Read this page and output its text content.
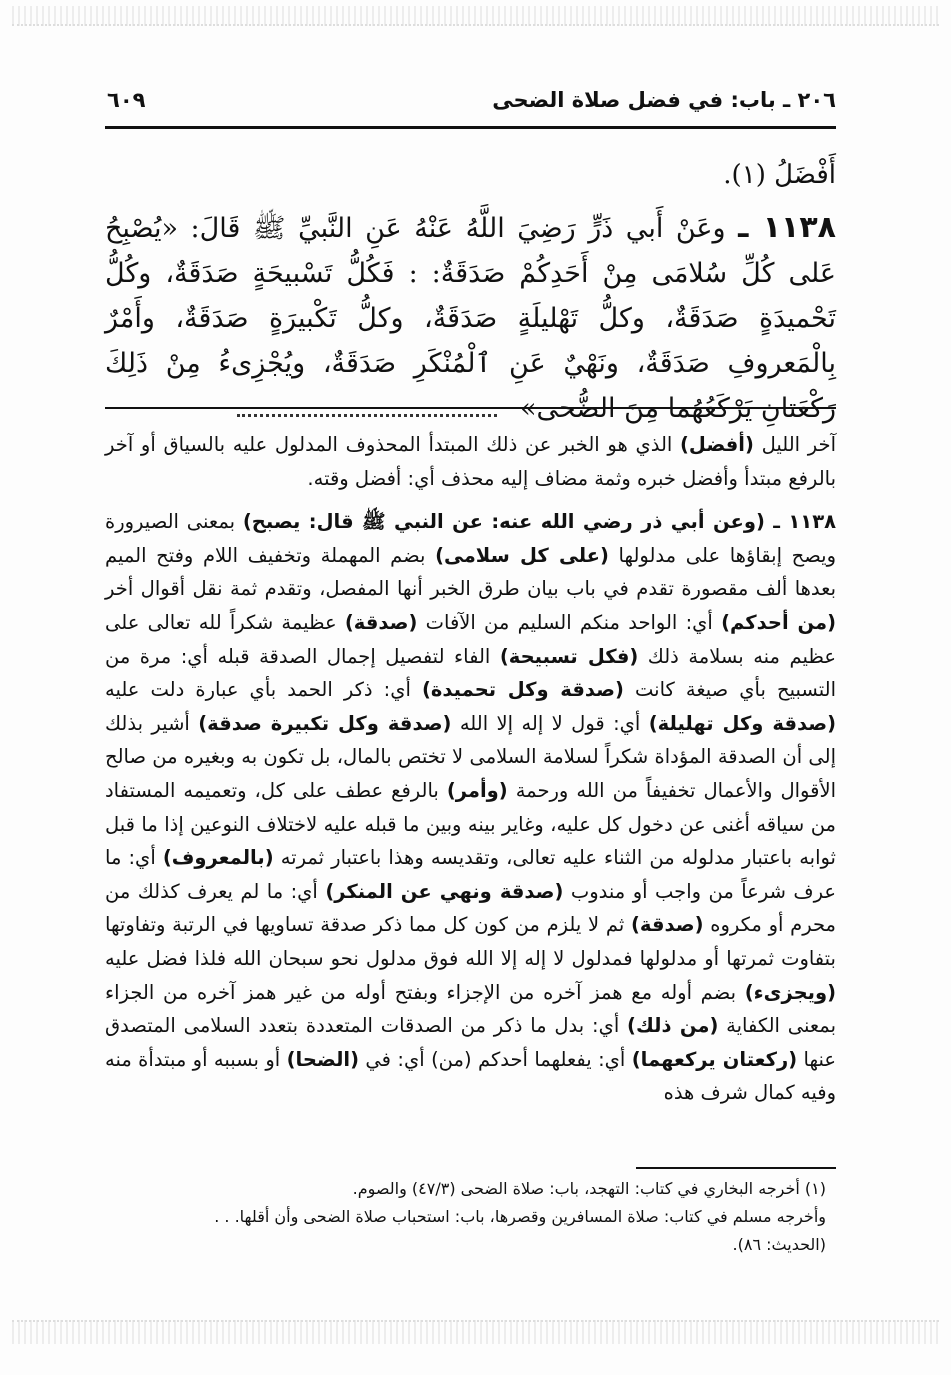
٢٠٦ ـ باب: في فضل صلاة الضحى
٦٠٩
أَفْضَلُ (١).
١١٣٨ ـ وعَنْ أَبي ذَرٍّ رَضِيَ اللَّهُ عَنْهُ عَنِ النَّبيِّ ﷺ قَالَ: «يُصْبِحُ عَلى كُلِّ سُلامَى مِنْ أَحَدِكُمْ صَدَقَةٌ: : فَكُلُّ تَسْبيحَةٍ صَدَقَةٌ، وكُلُّ تَحْميدَةٍ صَدَقَةٌ، وكلُّ تَهْليلَةٍ صَدَقَةٌ، وكلُّ تَكْبيرَةٍ صَدَقَةٌ، وأَمْرٌ بِالْمَعروفِ صَدَقَةٌ، ونَهْيٌ عَنِ ٱلْمُنْكَرِ صَدَقَةٌ، ويُجْزِىءُ مِنْ ذَلِكَ رَكْعَتانِ يَرْكَعُهُما مِنَ الضُّحى»

آخر الليل (أفضل) الذي هو الخبر عن ذلك المبتدأ المحذوف المدلول عليه بالسياق أو آخر بالرفع مبتدأ وأفضل خبره وثمة مضاف إليه محذف أي: أفضل وقته.

١١٣٨ ـ (وعن أبي ذر رضي الله عنه: عن النبي ﷺ قال: يصبح) بمعنى الصيرورة ويصح إبقاؤها على مدلولها (على كل سلامى) بضم المهملة وتخفيف اللام وفتح الميم بعدها ألف مقصورة تقدم في باب بيان طرق الخبر أنها المفصل، وتقدم ثمة نقل أقوال أخر (من أحدكم) أي: الواحد منكم السليم من الآفات (صدقة) عظيمة شكراً لله تعالى على عظيم منه بسلامة ذلك (فكل تسبيحة) الفاء لتفصيل إجمال الصدقة قبله أي: مرة من التسبيح بأي صيغة كانت (صدقة وكل تحميدة) أي: ذكر الحمد بأي عبارة دلت عليه (صدقة وكل تهليلة) أي: قول لا إله إلا الله (صدقة وكل تكبيرة صدقة) أشير بذلك إلى أن الصدقة المؤداة شكراً لسلامة السلامى لا تختص بالمال، بل تكون به وبغيره من صالح الأقوال والأعمال تخفيفاً من الله ورحمة (وأمر) بالرفع عطف على كل، وتعميمه المستفاد من سياقه أغنى عن دخول كل عليه، وغاير بينه وبين ما قبله عليه لاختلاف النوعين إذا ما قبل ثوابه باعتبار مدلوله من الثناء عليه تعالى، وتقديسه وهذا باعتبار ثمرته (بالمعروف) أي: ما عرف شرعاً من واجب أو مندوب (صدقة ونهي عن المنكر) أي: ما لم يعرف كذلك من محرم أو مكروه (صدقة) ثم لا يلزم من كون كل مما ذكر صدقة تساويها في الرتبة وتفاوتها بتفاوت ثمرتها أو مدلولها فمدلول لا إله إلا الله فوق مدلول نحو سبحان الله فلذا فضل عليه (ويجزىء) بضم أوله مع همز آخره من الإجزاء وبفتح أوله من غير همز آخره من الجزاء بمعنى الكفاية (من ذلك) أي: بدل ما ذكر من الصدقات المتعددة بتعدد السلامى المتصدق عنها (ركعتان يركعهما) أي: يفعلهما أحدكم (من) أي: في (الضحا) أو بسببه أو مبتدأة منه وفيه كمال شرف هذه

(١) أخرجه البخاري في كتاب: التهجد، باب: صلاة الضحى (٤٧/٣) والصوم.
وأخرجه مسلم في كتاب: صلاة المسافرين وقصرها، باب: استحباب صلاة الضحى وأن أقلها. . .
(الحديث: ٨٦).
